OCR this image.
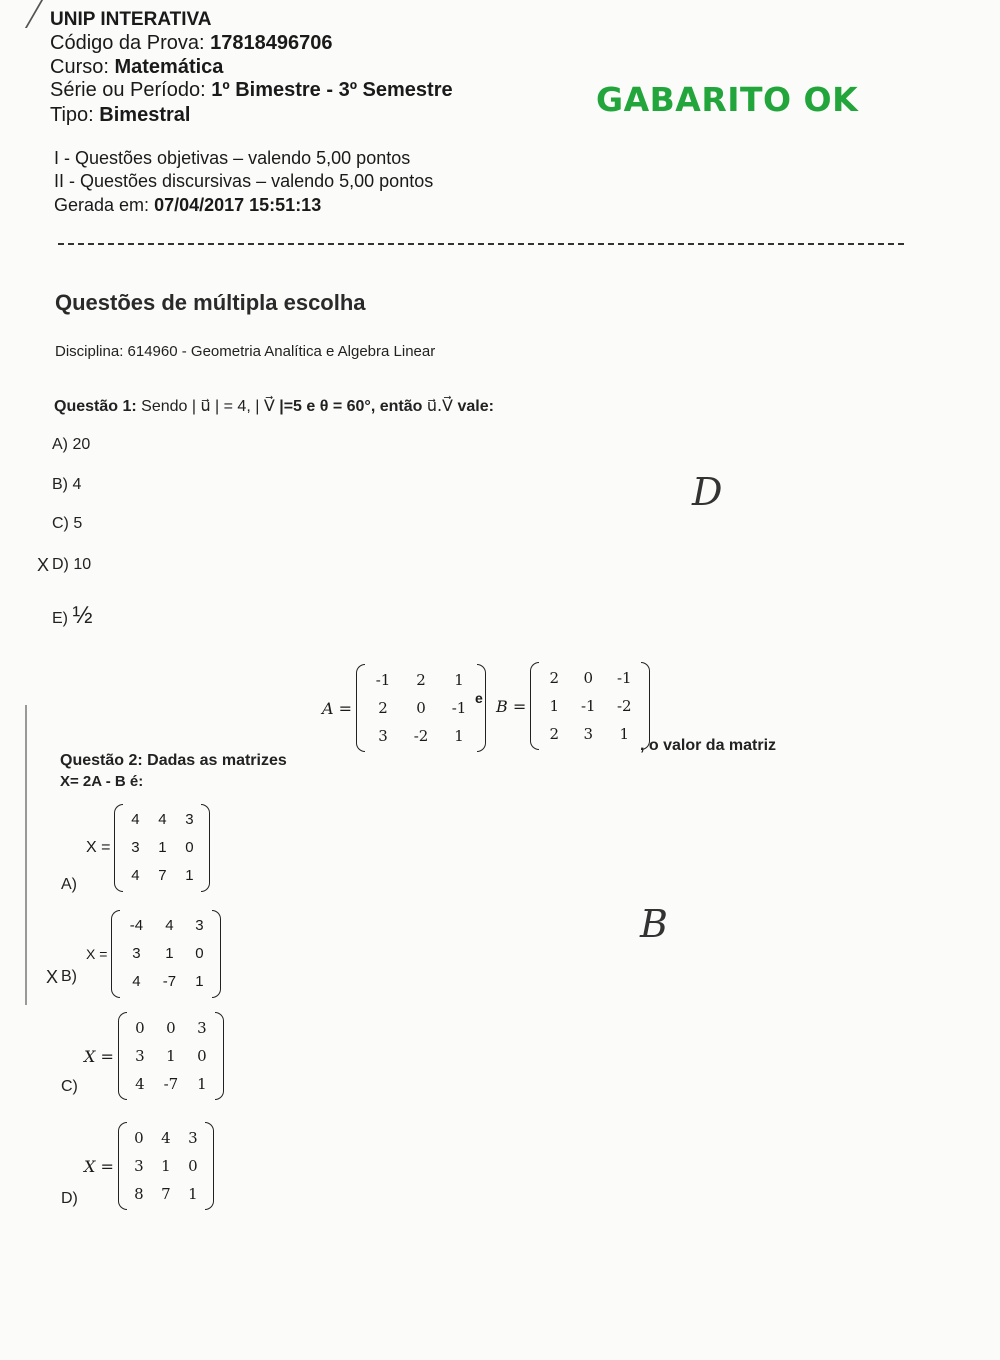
UNIP INTERATIVA
Código da Prova: 17818496706
Curso: Matemática
Série ou Período: 1º Bimestre - 3º Semestre
Tipo: Bimestral	GABARITO OK
I - Questões objetivas – valendo 5,00 pontos
II - Questões discursivas – valendo 5,00 pontos
Gerada em: 07/04/2017 15:51:13
Questões de múltipla escolha
Disciplina: 614960 - Geometria Analítica e Algebra Linear
Questão 1: Sendo | u⃗ | = 4, | V⃗ |=5 e θ = 60°, então u⃗.V⃗ vale:
A) 20
B) 4
C) 5
X D) 10
E) ½
D
A =
-1	2	1
2	0	-1
3	-2	1
e B =
2	0	-1
1	-1	-2
2	3	1
, o valor da matriz
Questão 2: Dadas as matrizes
X= 2A - B é:
X =
4	4	3
3	1	0
4	7	1
A)
X =
-4	4	3
3	1	0
4	-7	1
X B)
B
X =
0	0	3
3	1	0
4	-7	1
C)
X =
0	4	3
3	1	0
8	7	1
D)
